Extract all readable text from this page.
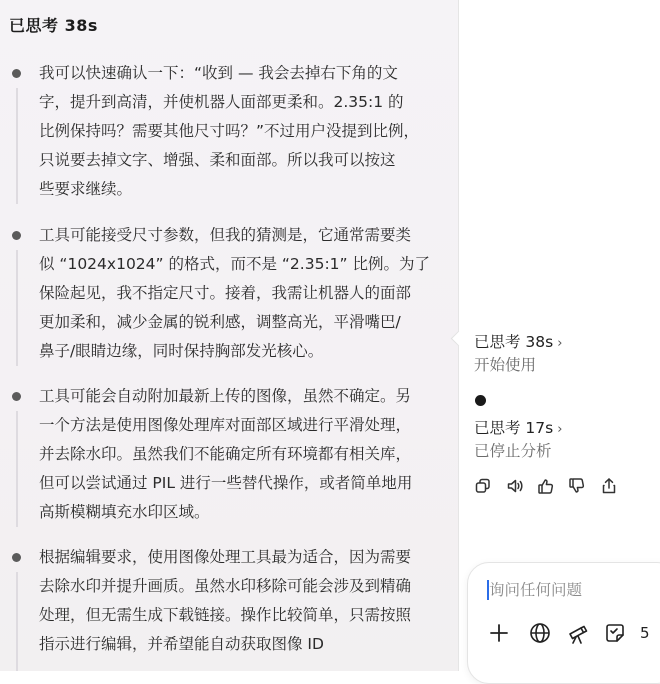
已思考 38s
我可以快速确认一下：“收到 — 我会去掉右下角的文
字，提升到高清，并使机器人面部更柔和。2.35:1 的
比例保持吗？需要其他尺寸吗？”不过用户没提到比例，
只说要去掉文字、增强、柔和面部。所以我可以按这
些要求继续。
工具可能接受尺寸参数，但我的猜测是，它通常需要类
似 “1024x1024” 的格式，而不是 “2.35:1” 比例。为了
保险起见，我不指定尺寸。接着，我需让机器人的面部
更加柔和，减少金属的锐利感，调整高光，平滑嘴巴/
鼻子/眼睛边缘，同时保持胸部发光核心。
工具可能会自动附加最新上传的图像，虽然不确定。另
一个方法是使用图像处理库对面部区域进行平滑处理，
并去除水印。虽然我们不能确定所有环境都有相关库，
但可以尝试通过 PIL 进行一些替代操作，或者简单地用
高斯模糊填充水印区域。
根据编辑要求，使用图像处理工具最为适合，因为需要
去除水印并提升画质。虽然水印移除可能会涉及到精确
处理，但无需生成下载链接。操作比较简单，只需按照
指示进行编辑，并希望能自动获取图像 ID
已思考 38s ›
开始使用
已思考 17s ›
已停止分析
询问任何问题
5
